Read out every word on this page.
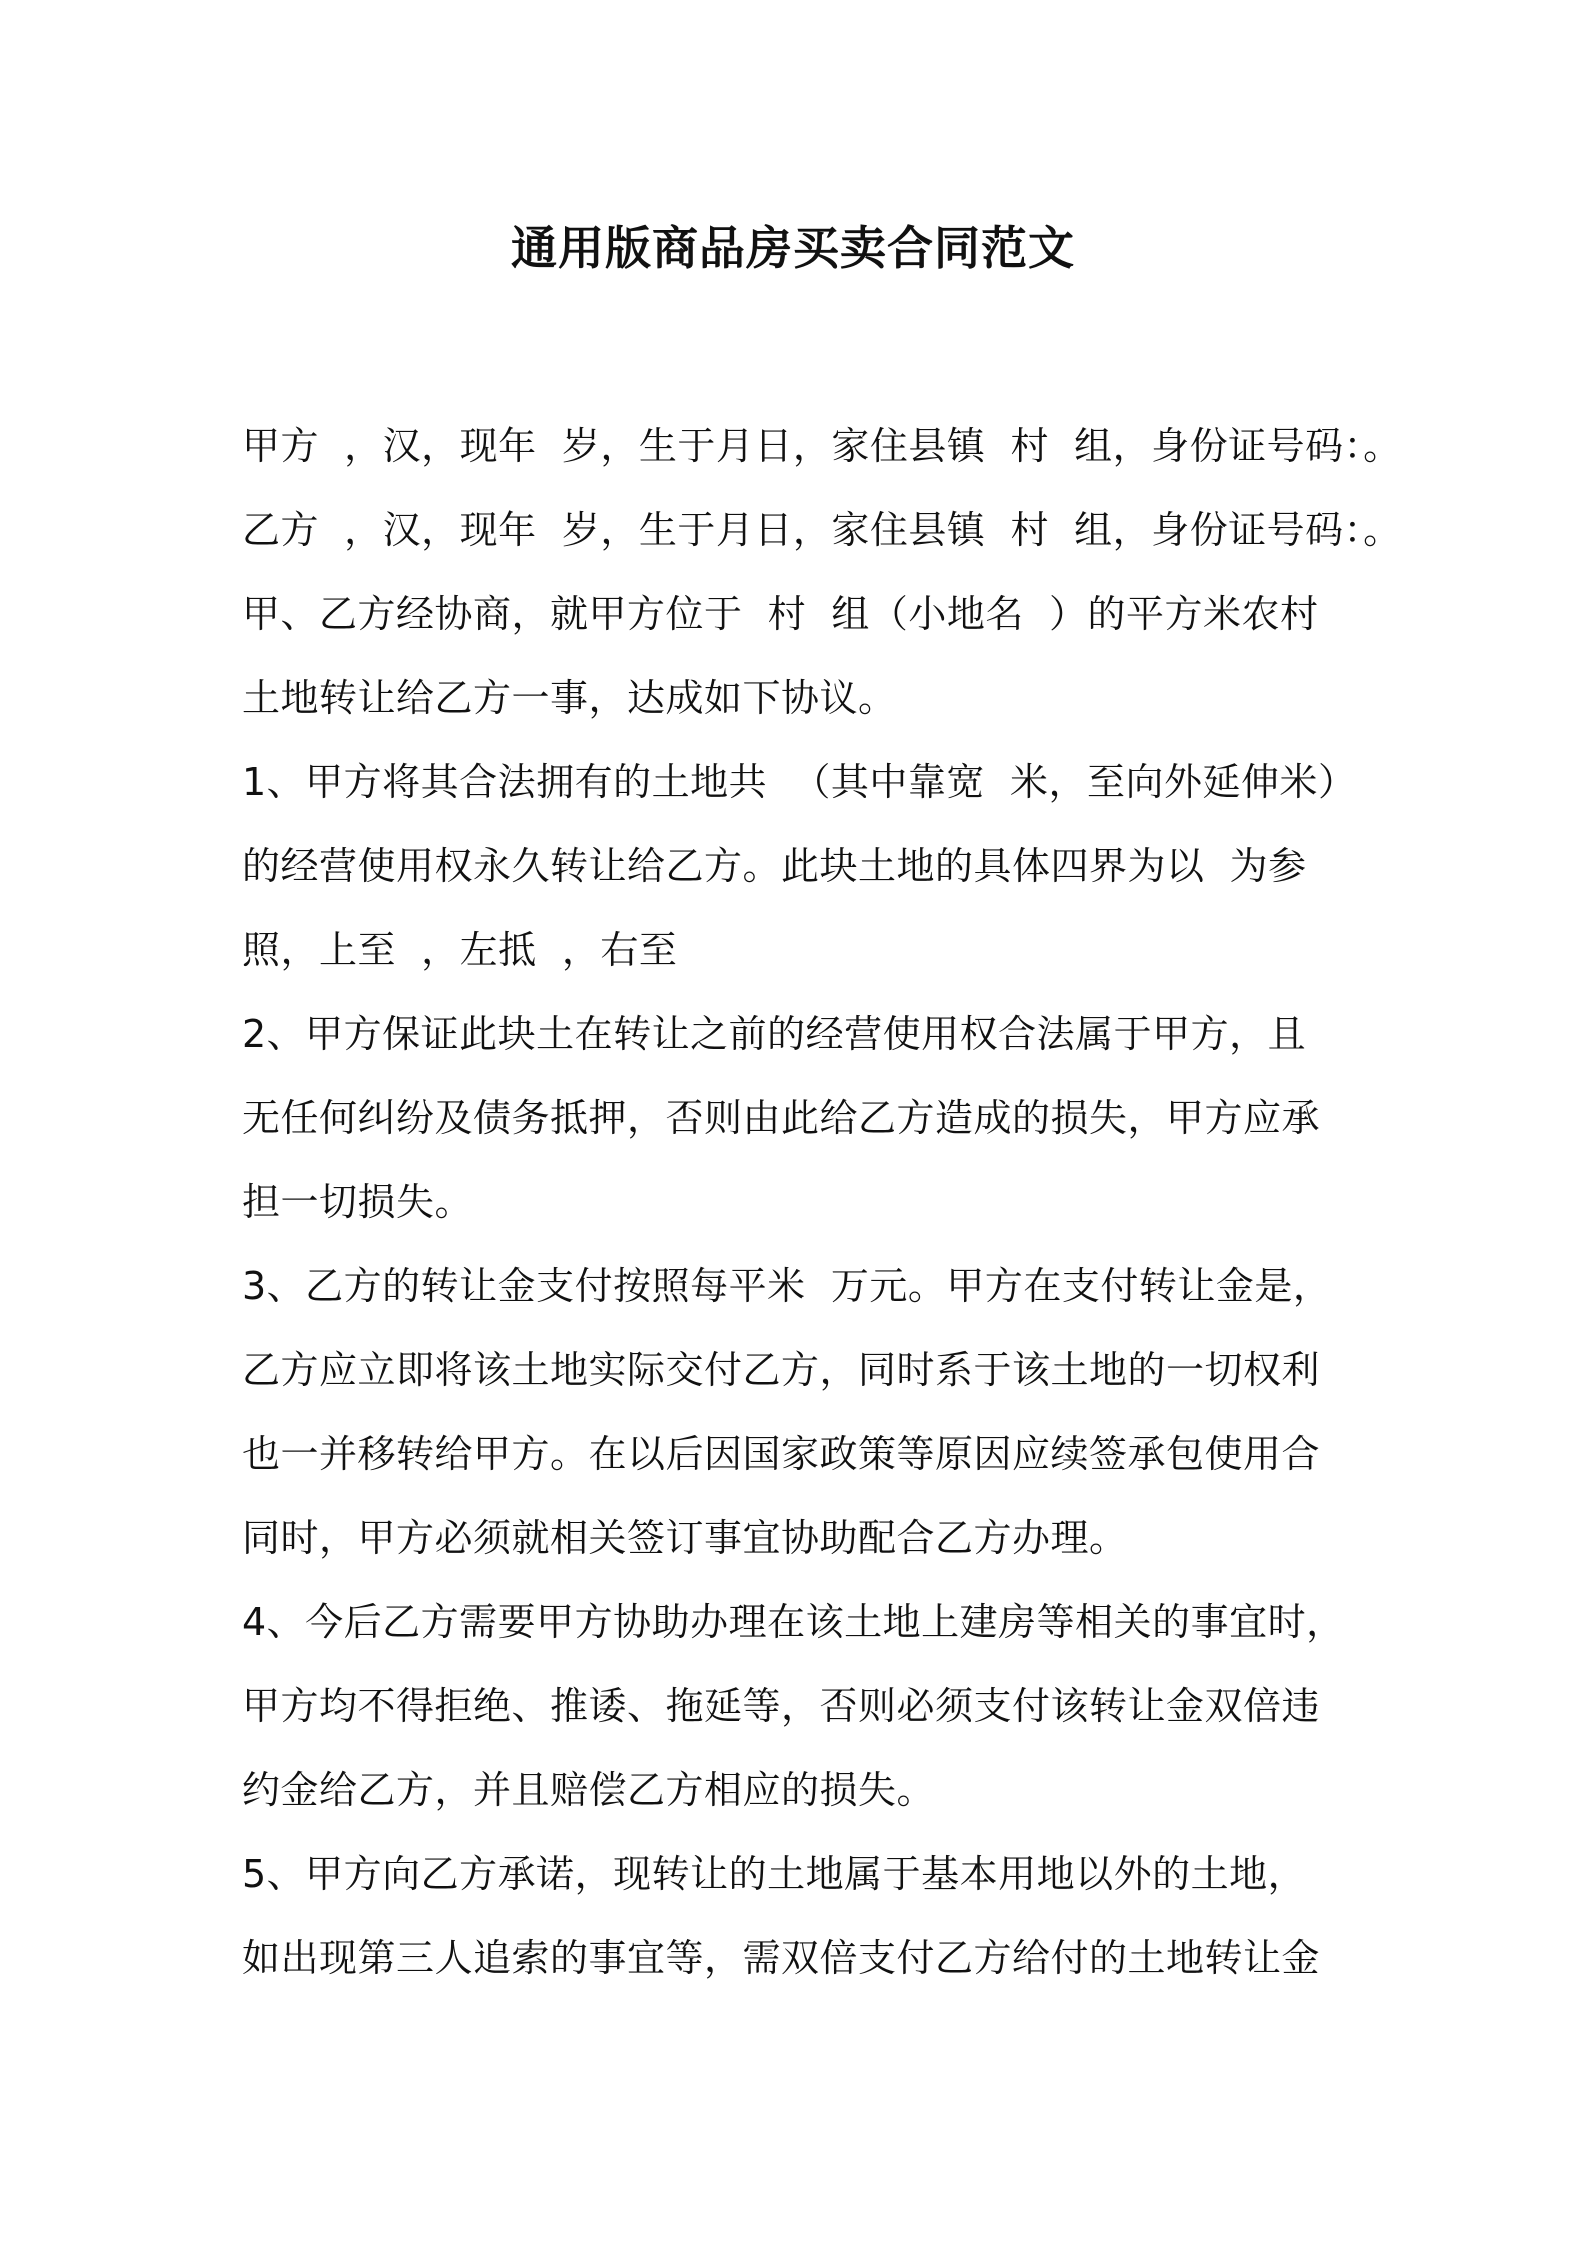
通用版商品房买卖合同范文
甲方  ，汉，现年  岁，生于月日，家住县镇  村  组，身份证号码：。
乙方  ，汉，现年  岁，生于月日，家住县镇  村  组，身份证号码：。
甲、乙方经协商，就甲方位于  村  组（小地名  ）的平方米农村
土地转让给乙方一事，达成如下协议。
1、甲方将其合法拥有的土地共  （其中靠宽  米，至向外延伸米）
的经营使用权永久转让给乙方。此块土地的具体四界为以  为参
照，上至  ，左抵  ，右至
2、甲方保证此块土在转让之前的经营使用权合法属于甲方，且
无任何纠纷及债务抵押，否则由此给乙方造成的损失，甲方应承
担一切损失。
3、乙方的转让金支付按照每平米  万元。甲方在支付转让金是，
乙方应立即将该土地实际交付乙方，同时系于该土地的一切权利
也一并移转给甲方。在以后因国家政策等原因应续签承包使用合
同时，甲方必须就相关签订事宜协助配合乙方办理。
4、今后乙方需要甲方协助办理在该土地上建房等相关的事宜时，
甲方均不得拒绝、推诿、拖延等，否则必须支付该转让金双倍违
约金给乙方，并且赔偿乙方相应的损失。
5、甲方向乙方承诺，现转让的土地属于基本用地以外的土地，
如出现第三人追索的事宜等，需双倍支付乙方给付的土地转让金
